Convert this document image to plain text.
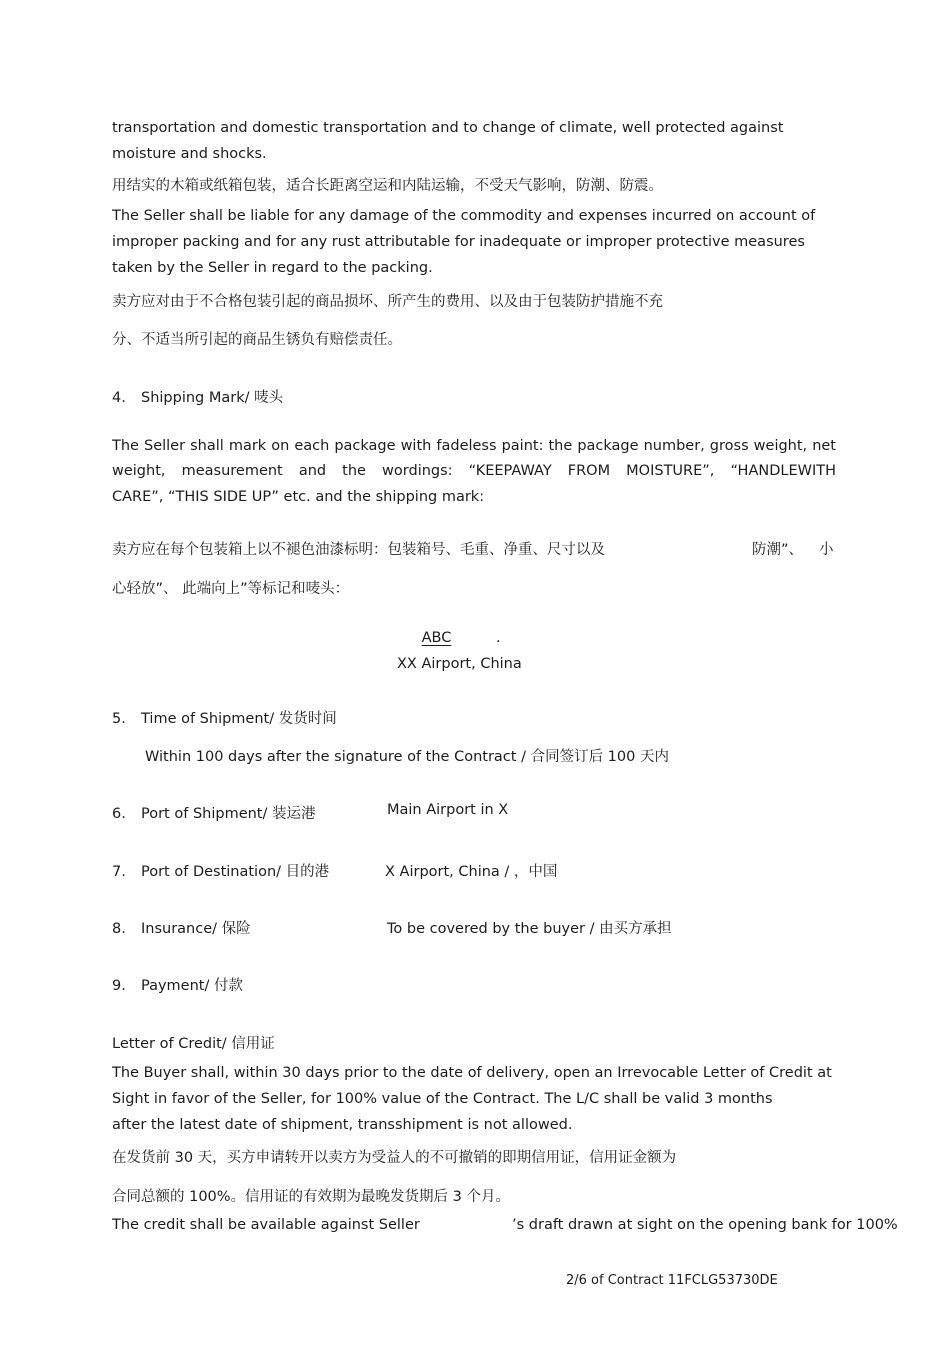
transportation and domestic transportation and to change of climate, well protected against moisture and shocks.

用结实的木箱或纸箱包装，适合长距离空运和内陆运输，不受天气影响，防潮、防震。

The Seller shall be liable for any damage of the commodity and expenses incurred on account of improper packing and for any rust attributable for inadequate or improper protective measures taken by the Seller in regard to the packing.

卖方应对由于不合格包装引起的商品损坏、所产生的费用、以及由于包装防护措施不充

分、不适当所引起的商品生锈负有赔偿责任。

4. Shipping Mark/ 唛头

The Seller shall mark on each package with fadeless paint: the package number, gross weight, net

weight, measurement and the wordings: “KEEPAWAY FROM MOISTURE”, “HANDLEWITH

CARE”, “THIS SIDE UP” etc. and the shipping mark:

卖方应在每个包装箱上以不褪色油漆标明：包装箱号、毛重、净重、尺寸以及	防潮”、 小

心轻放”、 此端向上”等标记和唛头：

ABC	.

XX Airport, China

5. Time of Shipment/ 发货时间

Within 100 days after the signature of the Contract / 合同签订后 100 天内

6. Port of Shipment/ 装运港	Main Airport in X

7. Port of Destination/ 目的港	X Airport, China / ，中国

8. Insurance/ 保险	To be covered by the buyer / 由买方承担

9. Payment/ 付款

Letter of Credit/ 信用证

The Buyer shall, within 30 days prior to the date of delivery, open an Irrevocable Letter of Credit at

Sight in favor of the Seller, for 100% value of the Contract. The L/C shall be valid 3 months

after the latest date of shipment, transshipment is not allowed.

在发货前 30 天，买方申请转开以卖方为受益人的不可撤销的即期信用证，信用证金额为

合同总额的 100%。信用证的有效期为最晚发货期后 3 个月。

The credit shall be available against Seller	’s draft drawn at sight on the opening bank for 100%

2/6 of Contract 11FCLG53730DE
